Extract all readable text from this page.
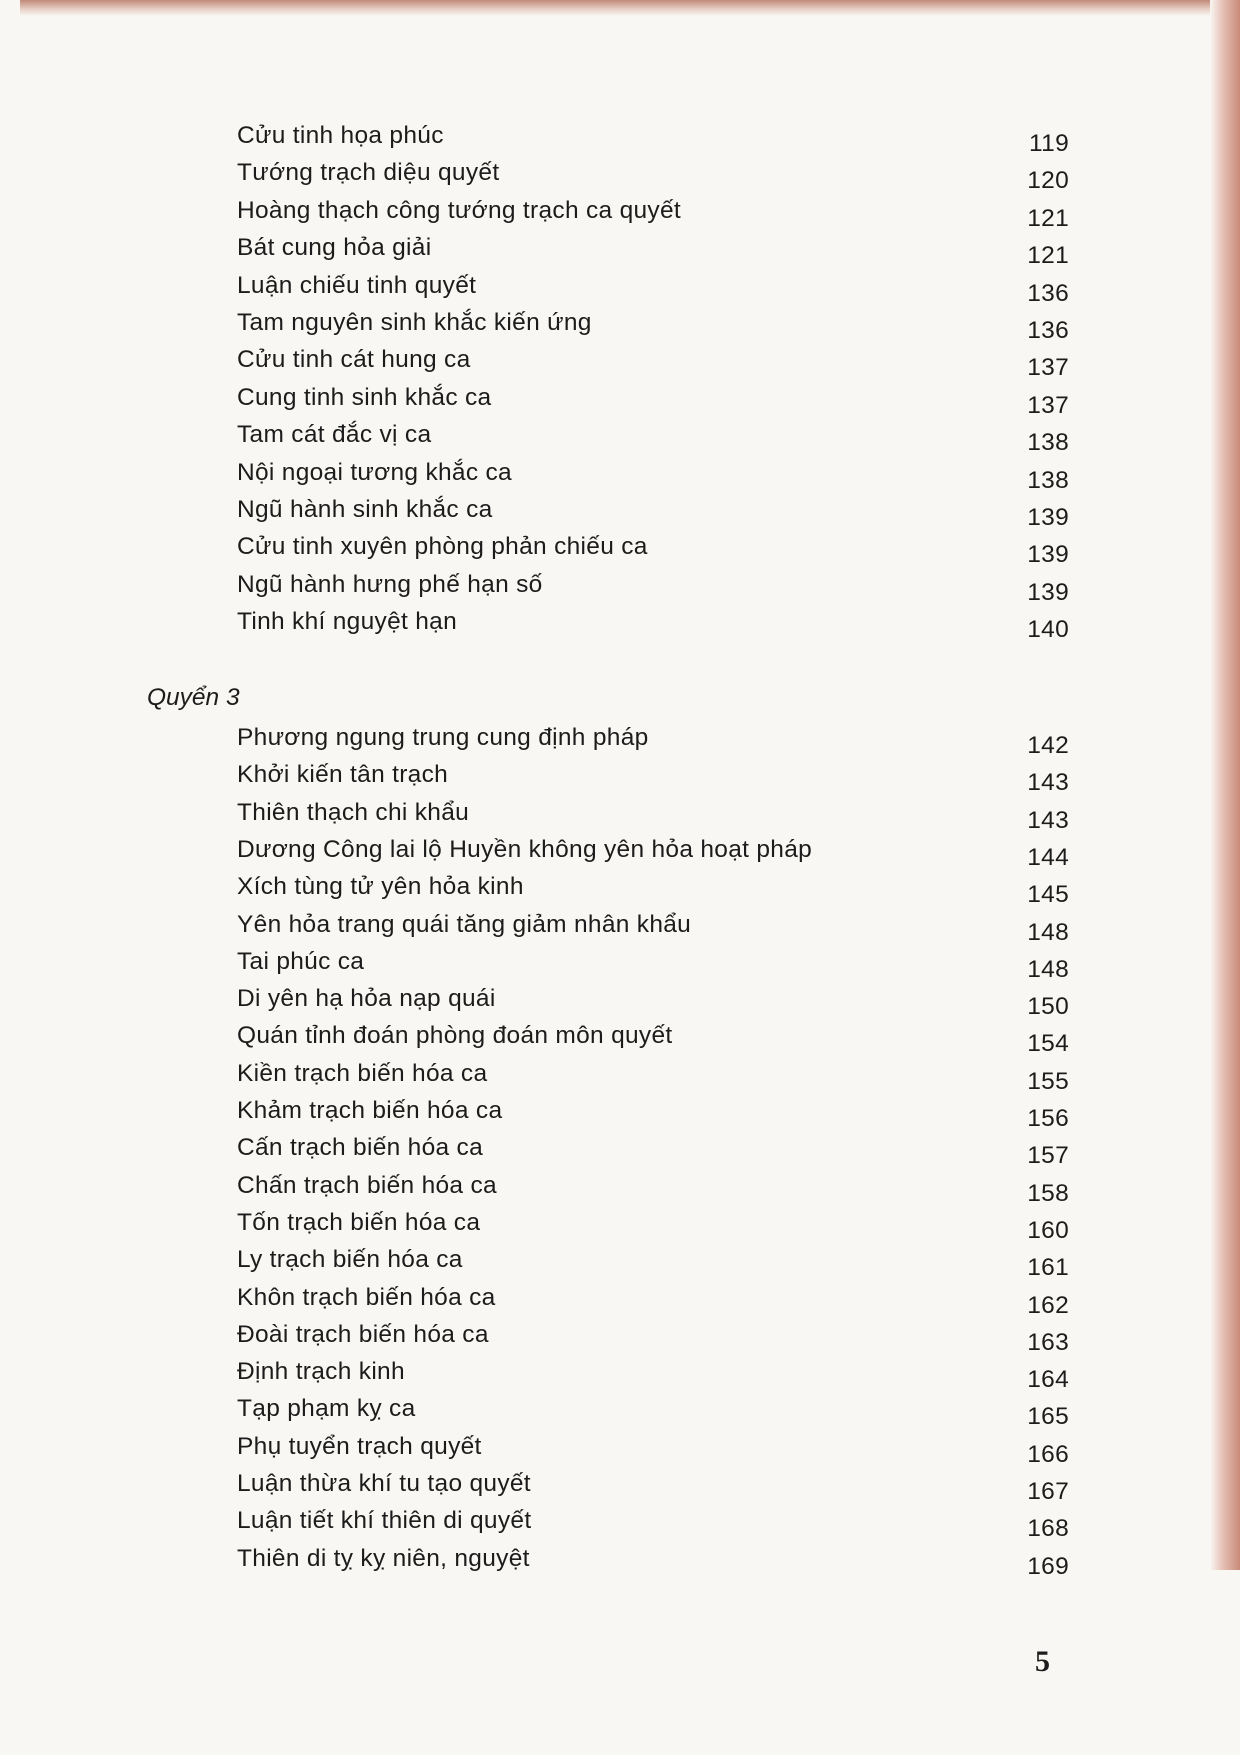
Cửu tinh họa phúc	119
Tướng trạch diệu quyết	120
Hoàng thạch công tướng trạch ca quyết	121
Bát cung hỏa giải	121
Luận chiếu tinh quyết	136
Tam nguyên sinh khắc kiến ứng	136
Cửu tinh cát hung ca	137
Cung tinh sinh khắc ca	137
Tam cát đắc vị ca	138
Nội ngoại tương khắc ca	138
Ngũ hành sinh khắc ca	139
Cửu tinh xuyên phòng phản chiếu ca	139
Ngũ hành hưng phế hạn số	139
Tinh khí nguyệt hạn	140
Quyển 3
Phương ngung trung cung định pháp	142
Khởi kiến tân trạch	143
Thiên thạch chi khẩu	143
Dương Công lai lộ Huyền không yên hỏa hoạt pháp	144
Xích tùng tử yên hỏa kinh	145
Yên hỏa trang quái tăng giảm nhân khẩu	148
Tai phúc ca	148
Di yên hạ hỏa nạp quái	150
Quán tỉnh đoán phòng đoán môn quyết	154
Kiền trạch biến hóa ca	155
Khảm trạch biến hóa ca	156
Cấn trạch biến hóa ca	157
Chấn trạch biến hóa ca	158
Tốn trạch biến hóa ca	160
Ly trạch biến hóa ca	161
Khôn trạch biến hóa ca	162
Đoài trạch biến hóa ca	163
Định trạch kinh	164
Tạp phạm kỵ ca	165
Phụ tuyển trạch quyết	166
Luận thừa khí tu tạo quyết	167
Luận tiết khí thiên di quyết	168
Thiên di tỵ kỵ niên, nguyệt	169
5
